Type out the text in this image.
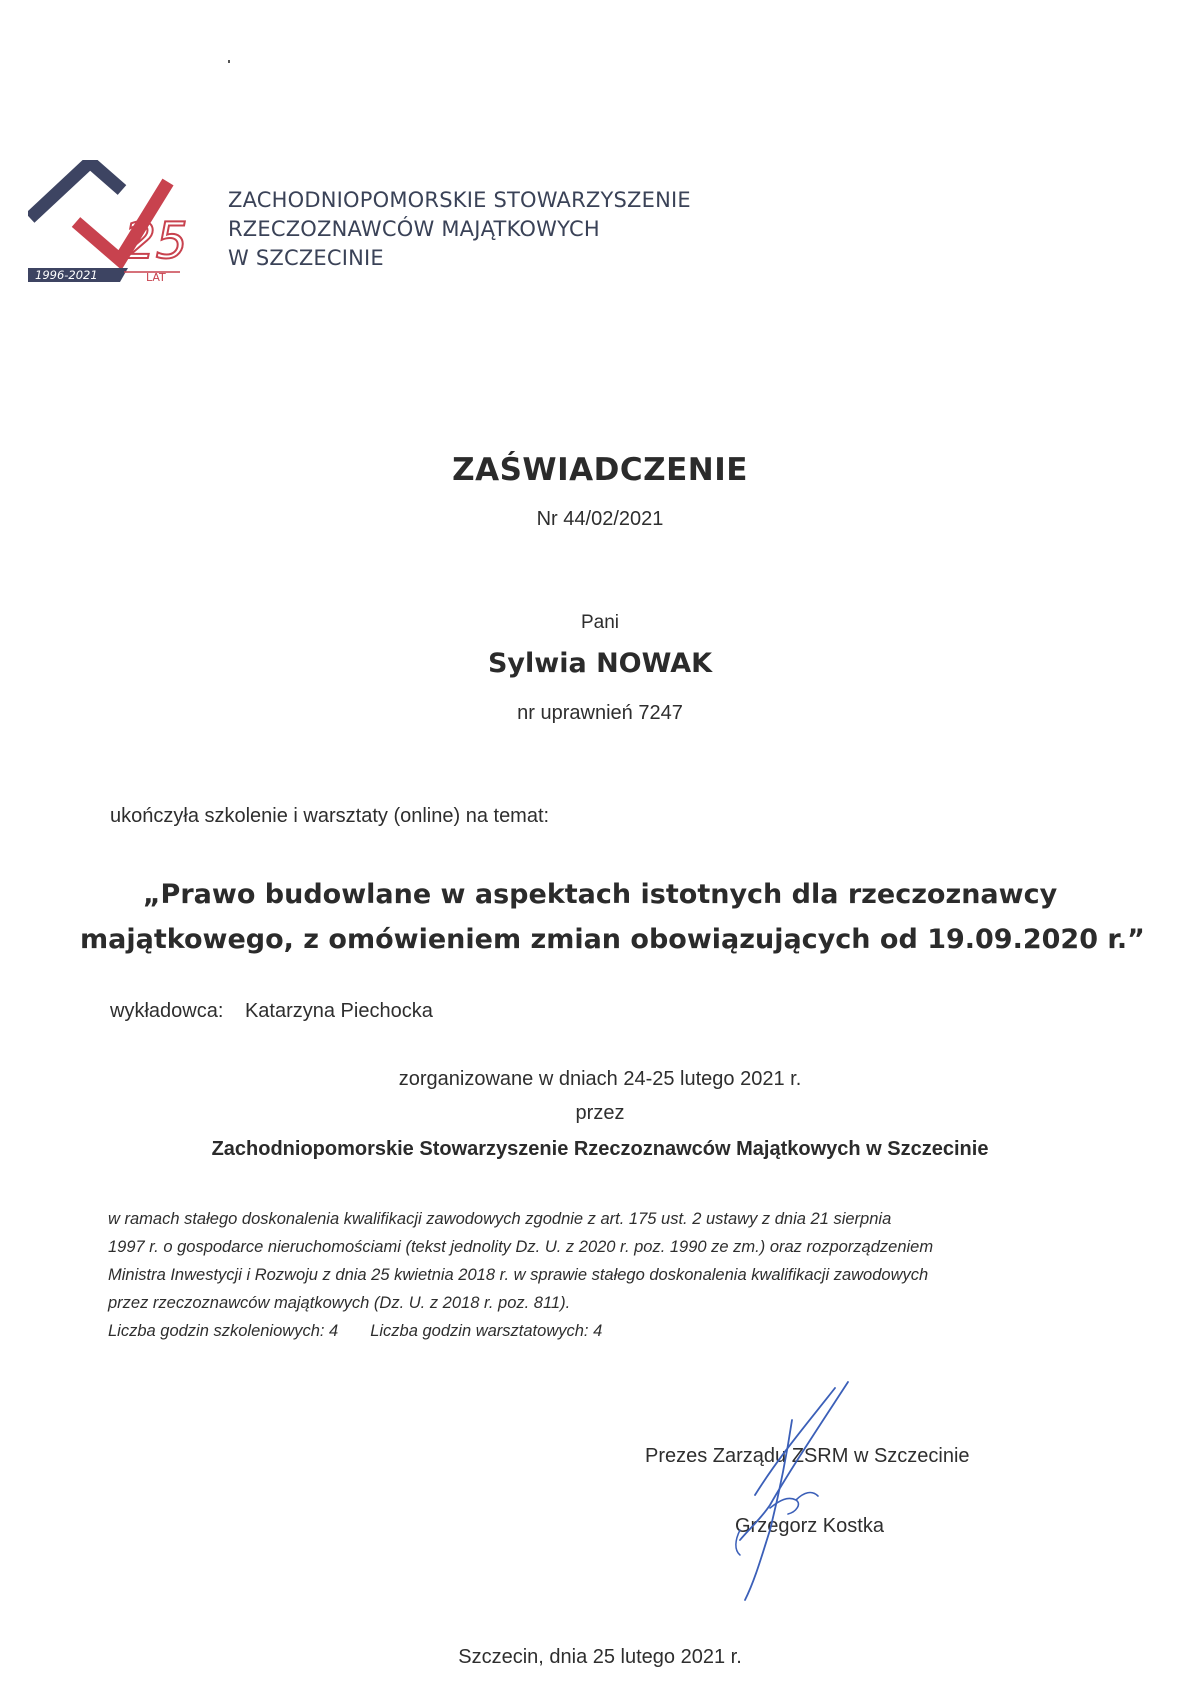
1996-2021
25
LAT
ZACHODNIOPOMORSKIE STOWARZYSZENIE
RZECZOZNAWCÓW MAJĄTKOWYCH
W SZCZECINIE
ZAŚWIADCZENIE
Nr 44/02/2021
Pani
Sylwia NOWAK
nr uprawnień 7247
ukończyła szkolenie i warsztaty (online) na temat:
„Prawo budowlane w aspektach istotnych dla rzeczoznawcy
majątkowego, z omówieniem zmian obowiązujących od 19.09.2020 r.”
wykładowca: Katarzyna Piechocka
zorganizowane w dniach 24-25 lutego 2021 r.
przez
Zachodniopomorskie Stowarzyszenie Rzeczoznawców Majątkowych w Szczecinie
w ramach stałego doskonalenia kwalifikacji zawodowych zgodnie z art. 175 ust. 2 ustawy z dnia 21 sierpnia
1997 r. o gospodarce nieruchomościami (tekst jednolity Dz. U. z 2020 r. poz. 1990 ze zm.) oraz rozporządzeniem
Ministra Inwestycji i Rozwoju z dnia 25 kwietnia 2018 r. w sprawie stałego doskonalenia kwalifikacji zawodowych
przez rzeczoznawców majątkowych (Dz. U. z 2018 r. poz. 811).
Liczba godzin szkoleniowych: 4 Liczba godzin warsztatowych: 4
Prezes Zarządu ZSRM w Szczecinie
Grzegorz Kostka
Szczecin, dnia 25 lutego 2021 r.
